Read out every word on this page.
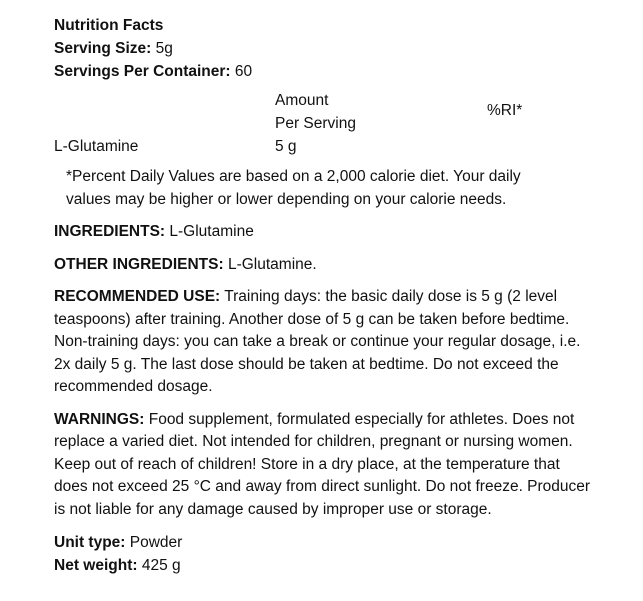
Nutrition Facts
Serving Size: 5g
Servings Per Container: 60
Amount
Per Serving
%RI*
L-Glutamine	5 g
*Percent Daily Values are based on a 2,000 calorie diet. Your daily values may be higher or lower depending on your calorie needs.
INGREDIENTS: L-Glutamine
OTHER INGREDIENTS: L-Glutamine.
RECOMMENDED USE: Training days: the basic daily dose is 5 g (2 level teaspoons) after training. Another dose of 5 g can be taken before bedtime. Non-training days: you can take a break or continue your regular dosage, i.e. 2x daily 5 g. The last dose should be taken at bedtime. Do not exceed the recommended dosage.
WARNINGS: Food supplement, formulated especially for athletes. Does not replace a varied diet. Not intended for children, pregnant or nursing women. Keep out of reach of children! Store in a dry place, at the temperature that does not exceed 25 °C and away from direct sunlight. Do not freeze. Producer is not liable for any damage caused by improper use or storage.
Unit type: Powder
Net weight: 425 g
